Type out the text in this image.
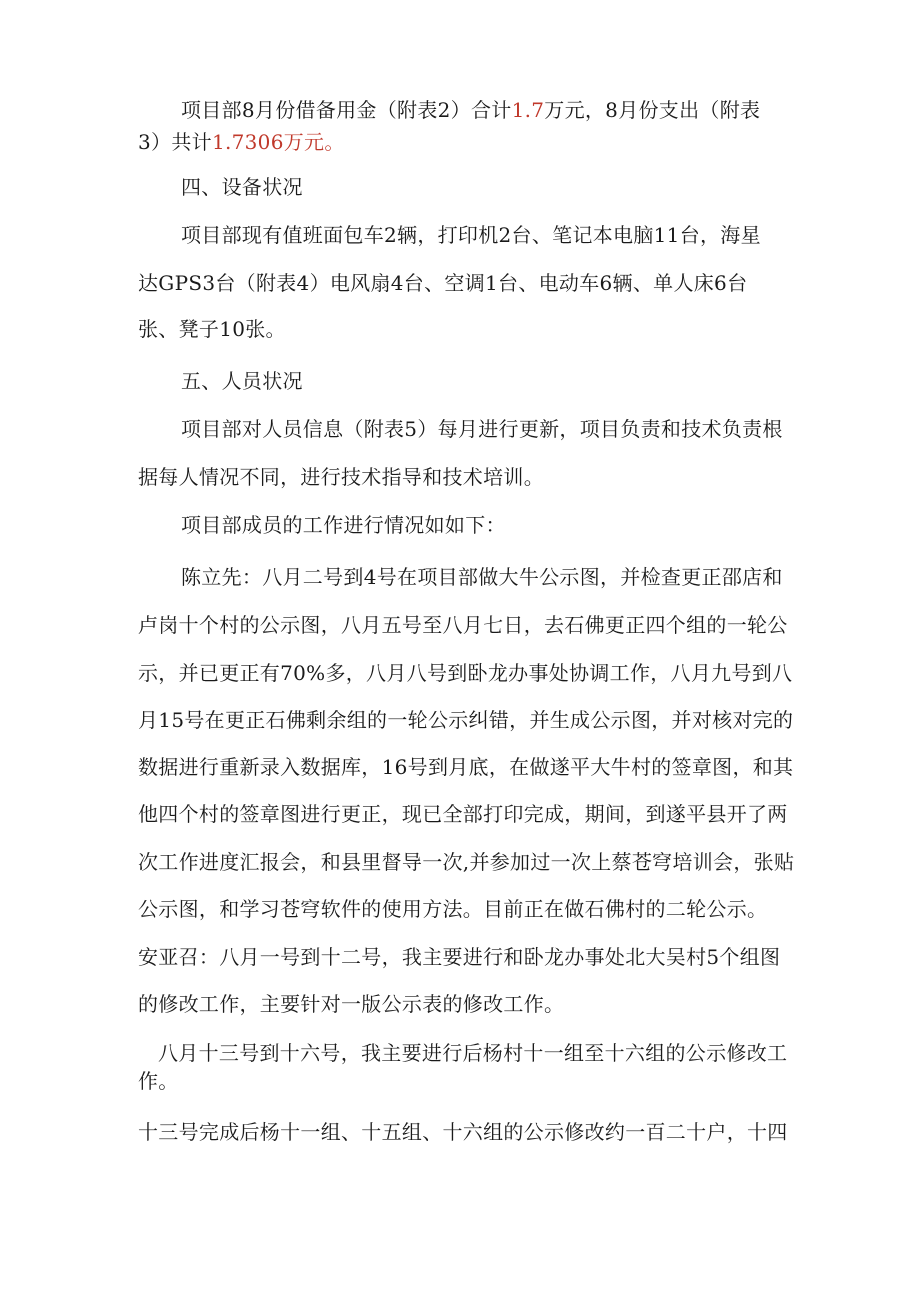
项目部8月份借备用金（附表2）合计1.7万元，8月份支出（附表
3）共计1.7306万元。
四、设备状况
项目部现有值班面包车2辆，打印机2台、笔记本电脑11台，海星
达GPS3台（附表4）电风扇4台、空调1台、电动车6辆、单人床6台
张、凳子10张。
五、人员状况
项目部对人员信息（附表5）每月进行更新，项目负责和技术负责根
据每人情况不同，进行技术指导和技术培训。
项目部成员的工作进行情况如如下：
陈立先：八月二号到4号在项目部做大牛公示图，并检查更正邵店和
卢岗十个村的公示图，八月五号至八月七日，去石佛更正四个组的一轮公
示，并已更正有70%多，八月八号到卧龙办事处协调工作，八月九号到八
月15号在更正石佛剩余组的一轮公示纠错，并生成公示图，并对核对完的
数据进行重新录入数据库，16号到月底，在做遂平大牛村的签章图，和其
他四个村的签章图进行更正，现已全部打印完成，期间，到遂平县开了两
次工作进度汇报会，和县里督导一次,并参加过一次上蔡苍穹培训会，张贴
公示图，和学习苍穹软件的使用方法。目前正在做石佛村的二轮公示。
安亚召：八月一号到十二号，我主要进行和卧龙办事处北大吴村5个组图
的修改工作，主要针对一版公示表的修改工作。
八月十三号到十六号，我主要进行后杨村十一组至十六组的公示修改工
作。
十三号完成后杨十一组、十五组、十六组的公示修改约一百二十户，十四
